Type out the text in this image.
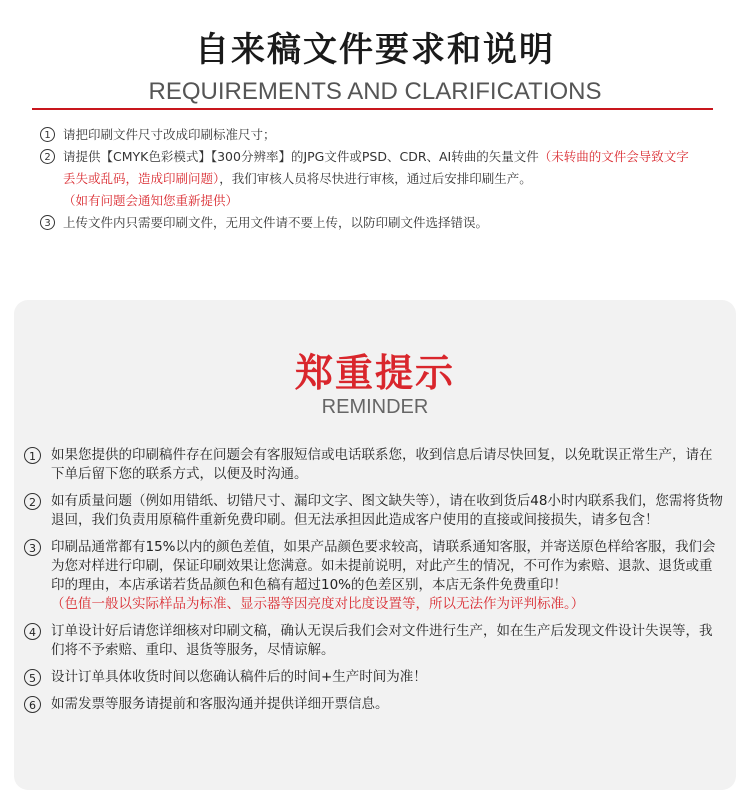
自来稿文件要求和说明
REQUIREMENTS AND CLARIFICATIONS
1 请把印刷文件尺寸改成印刷标准尺寸；
2 请提供【CMYK色彩模式】【300分辨率】的JPG文件或PSD、CDR、AI转曲的矢量文件（未转曲的文件会导致文字丢失或乱码，造成印刷问题），我们审核人员将尽快进行审核，通过后安排印刷生产。（如有问题会通知您重新提供）
3 上传文件内只需要印刷文件，无用文件请不要上传，以防印刷文件选择错误。
郑重提示
REMINDER
1	如果您提供的印刷稿件存在问题会有客服短信或电话联系您，收到信息后请尽快回复，以免耽误正常生产，请在下单后留下您的联系方式，以便及时沟通。
2	如有质量问题（例如用错纸、切错尺寸、漏印文字、图文缺失等），请在收到货后48小时内联系我们，您需将货物退回，我们负责用原稿件重新免费印刷。但无法承担因此造成客户使用的直接或间接损失，请多包含！
3	印刷品通常都有15%以内的颜色差值，如果产品颜色要求较高，请联系通知客服，并寄送原色样给客服，我们会为您对样进行印刷，保证印刷效果让您满意。如未提前说明，对此产生的情况，不可作为索赔、退款、退货或重印的理由，本店承诺若货品颜色和色稿有超过10%的色差区别，本店无条件免费重印！
（色值一般以实际样品为标准、显示器等因亮度对比度设置等，所以无法作为评判标准。）
4	订单设计好后请您详细核对印刷文稿，确认无误后我们会对文件进行生产，如在生产后发现文件设计失误等，我们将不予索赔、重印、退货等服务，尽情谅解。
5	设计订单具体收货时间以您确认稿件后的时间+生产时间为准！
6	如需发票等服务请提前和客服沟通并提供详细开票信息。
